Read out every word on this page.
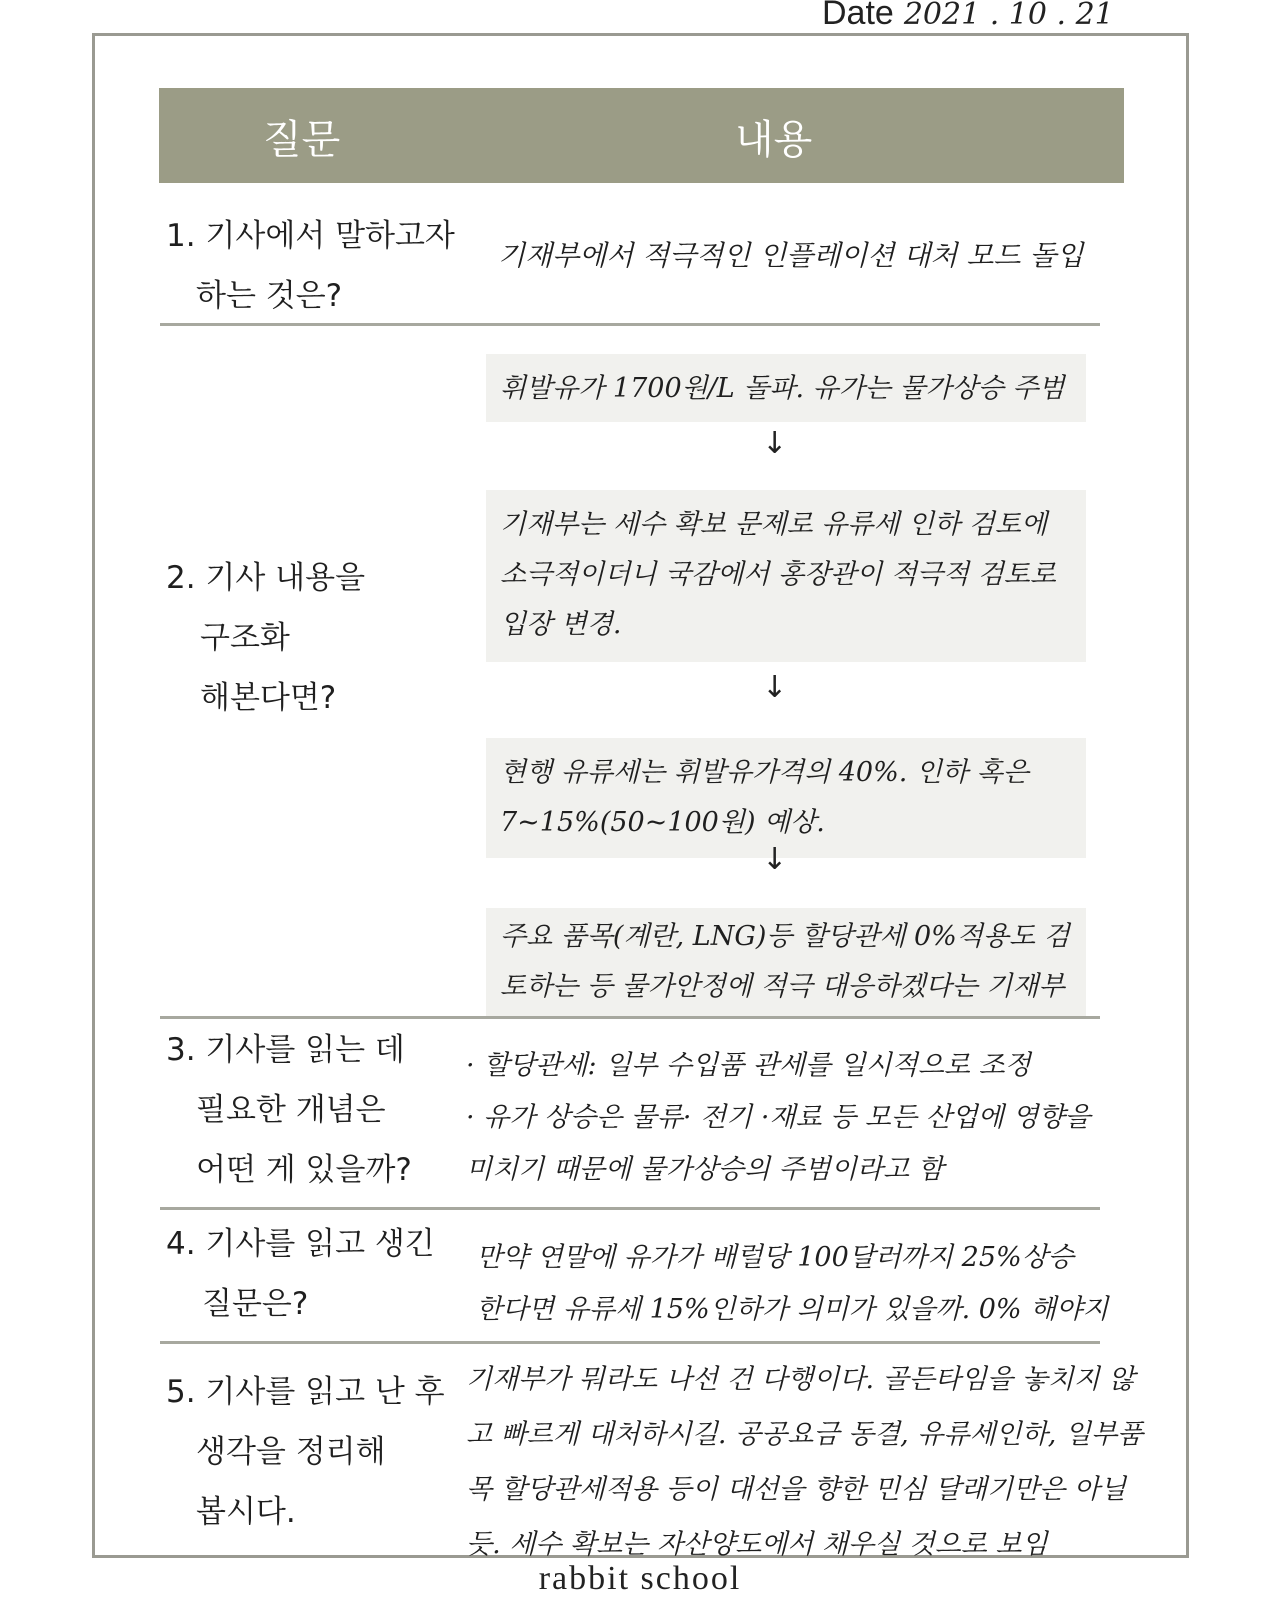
Date 2021 . 10 . 21
질문	내용
1. 기사에서 말하고자
하는 것은?
기재부에서 적극적인 인플레이션 대처 모드 돌입
2. 기사 내용을
구조화
해본다면?
휘발유가 1700원/L 돌파. 유가는 물가상승 주범
↓
기재부는 세수 확보 문제로 유류세 인하 검토에
소극적이더니 국감에서 홍장관이 적극적 검토로
입장 변경.
↓
현행 유류세는 휘발유가격의 40%. 인하 혹은
7~15%(50~100원) 예상.
↓
주요 품목(계란, LNG)등 할당관세 0%적용도 검
토하는 등 물가안정에 적극 대응하겠다는 기재부
3. 기사를 읽는 데
필요한 개념은
어떤 게 있을까?
· 할당관세: 일부 수입품 관세를 일시적으로 조정
· 유가 상승은 물류· 전기 ·재료 등 모든 산업에 영향을
미치기 때문에 물가상승의 주범이라고 함
4. 기사를 읽고 생긴
질문은?
만약 연말에 유가가 배럴당 100달러까지 25%상승
한다면 유류세 15%인하가 의미가 있을까. 0% 해야지
5. 기사를 읽고 난 후
생각을 정리해
봅시다.
기재부가 뭐라도 나선 건 다행이다. 골든타임을 놓치지 않
고 빠르게 대처하시길. 공공요금 동결, 유류세인하, 일부품
목 할당관세적용 등이 대선을 향한 민심 달래기만은 아닐
듯. 세수 확보는 자산양도에서 채우실 것으로 보임
rabbit school
